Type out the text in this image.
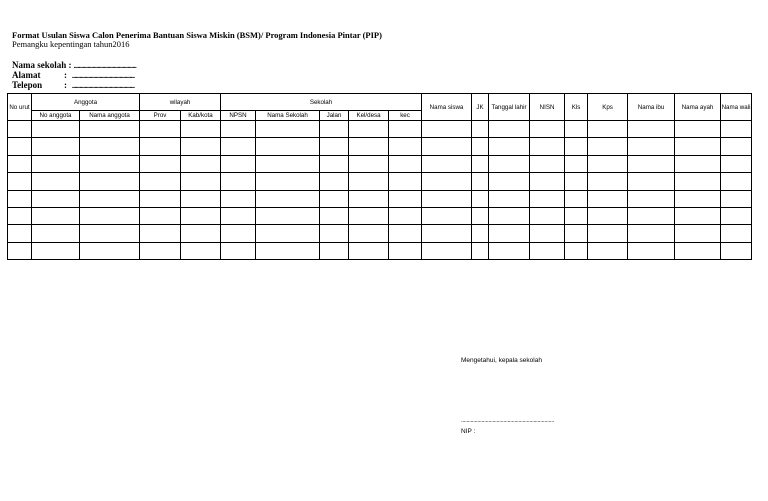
Format Usulan Siswa Calon Penerima Bantuan Siswa Miskin (BSM)/ Program Indonesia Pintar (PIP)
Pemangku kepentingan tahun2016
Nama sekolah : ..................................................
Alamat	: ..................................................
Telepon : ..................................................
No urut	Anggota		wilayah		Sekolah					Nama siswa	JK	Tanggal lahir	NISN	Kls	Kps	Nama ibu	Nama ayah	Nama wali
	No anggota	Nama anggota	Prov	Kab/kota	NPSN	Nama Sekolah	Jalan	Kel/desa	kec									

Mengetahui, kepala sekolah
....................................................................
NIP :
